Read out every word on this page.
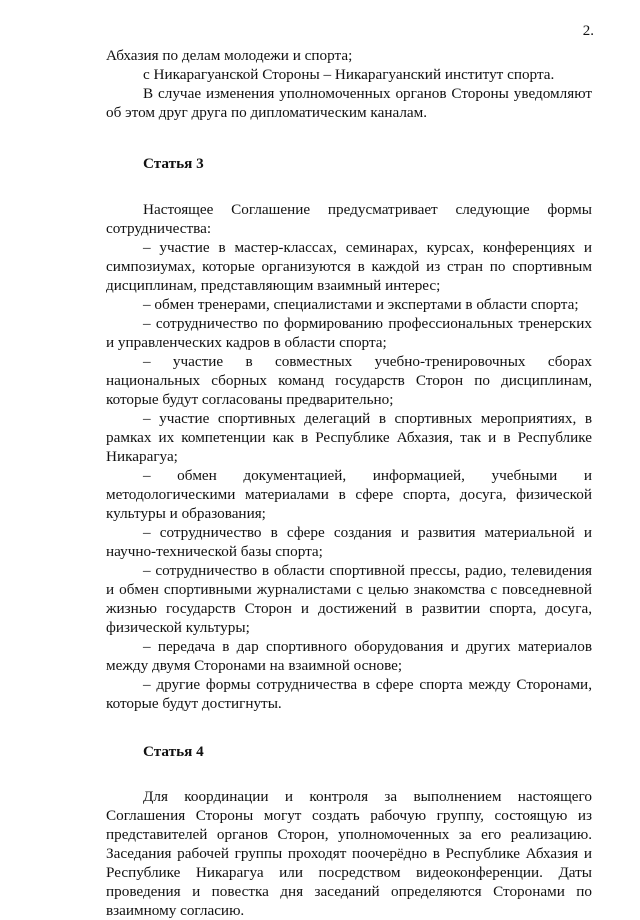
2.

Абхазия по делам молодежи и спорта;

с Никарагуанской Стороны – Никарагуанский институт спорта.

В случае изменения уполномоченных органов Стороны уведомляют об этом друг друга по дипломатическим каналам.

Статья 3

Настоящее Соглашение предусматривает следующие формы сотрудничества:

– участие в мастер-классах, семинарах, курсах, конференциях и симпозиумах, которые организуются в каждой из стран по спортивным дисциплинам, представляющим взаимный интерес;

– обмен тренерами, специалистами и экспертами в области спорта;

– сотрудничество по формированию профессиональных тренерских и управленческих кадров в области спорта;

– участие в совместных учебно-тренировочных сборах национальных сборных команд государств Сторон по дисциплинам, которые будут согласованы предварительно;

– участие спортивных делегаций в спортивных мероприятиях, в рамках их компетенции как в Республике Абхазия, так и в Республике Никарагуа;

– обмен документацией, информацией, учебными и методологическими материалами в сфере спорта, досуга, физической культуры и образования;

– сотрудничество в сфере создания и развития материальной и научно-технической базы спорта;

– сотрудничество в области спортивной прессы, радио, телевидения и обмен спортивными журналистами с целью знакомства с повседневной жизнью государств Сторон и достижений в развитии спорта, досуга, физической культуры;

– передача в дар спортивного оборудования и других материалов между двумя Сторонами на взаимной основе;

– другие формы сотрудничества в сфере спорта между Сторонами, которые будут достигнуты.

Статья 4

Для координации и контроля за выполнением настоящего Соглашения Стороны могут создать рабочую группу, состоящую из представителей органов Сторон, уполномоченных за его реализацию. Заседания рабочей группы проходят поочерёдно в Республике Абхазия и Республике Никарагуа или посредством видеоконференции. Даты проведения и повестка дня заседаний определяются Сторонами по взаимному согласию.
